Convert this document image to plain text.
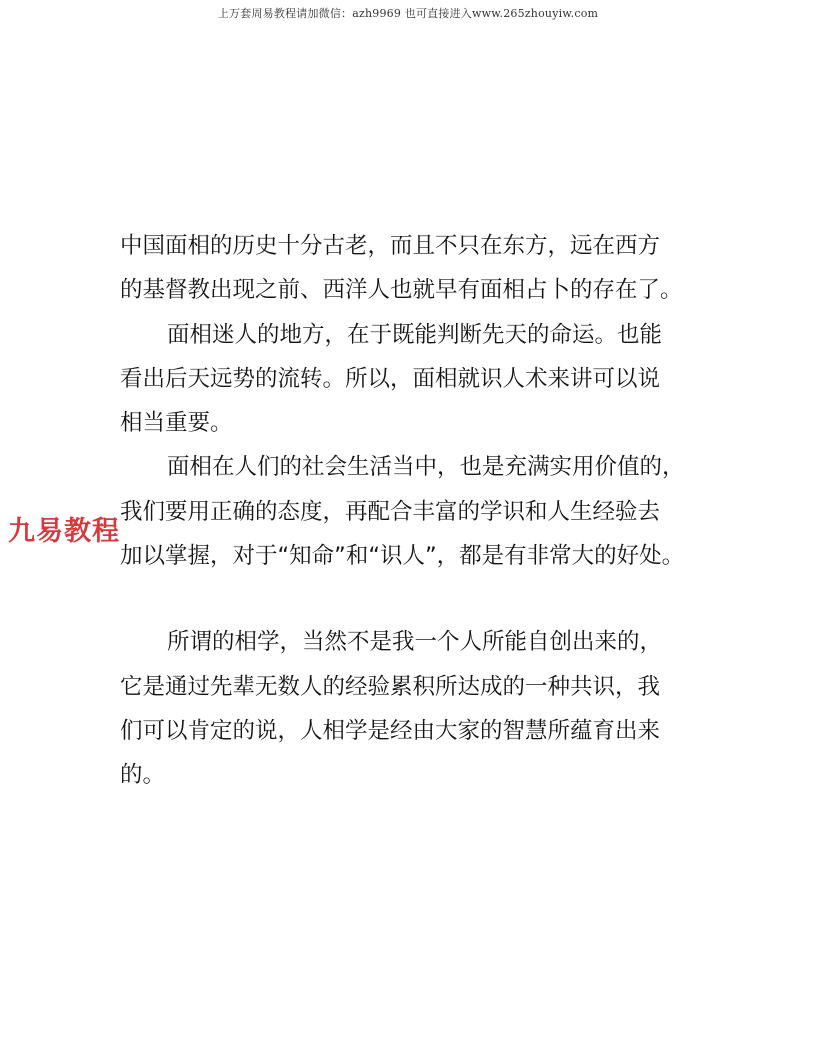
上万套周易教程请加微信：azh9969 也可直接进入www.265zhouyiw.com
中国面相的历史十分古老，而且不只在东方，远在西方
的基督教出现之前、西洋人也就早有面相占卜的存在了。
面相迷人的地方，在于既能判断先天的命运。也能
看出后天远势的流转。所以，面相就识人术来讲可以说
相当重要。
面相在人们的社会生活当中，也是充满实用价值的，
我们要用正确的态度，再配合丰富的学识和人生经验去
加以掌握，对于“知命”和“识人”，都是有非常大的好处。
所谓的相学，当然不是我一个人所能自创出来的，
它是通过先辈无数人的经验累积所达成的一种共识，我
们可以肯定的说，人相学是经由大家的智慧所蕴育出来
的。
九易教程
